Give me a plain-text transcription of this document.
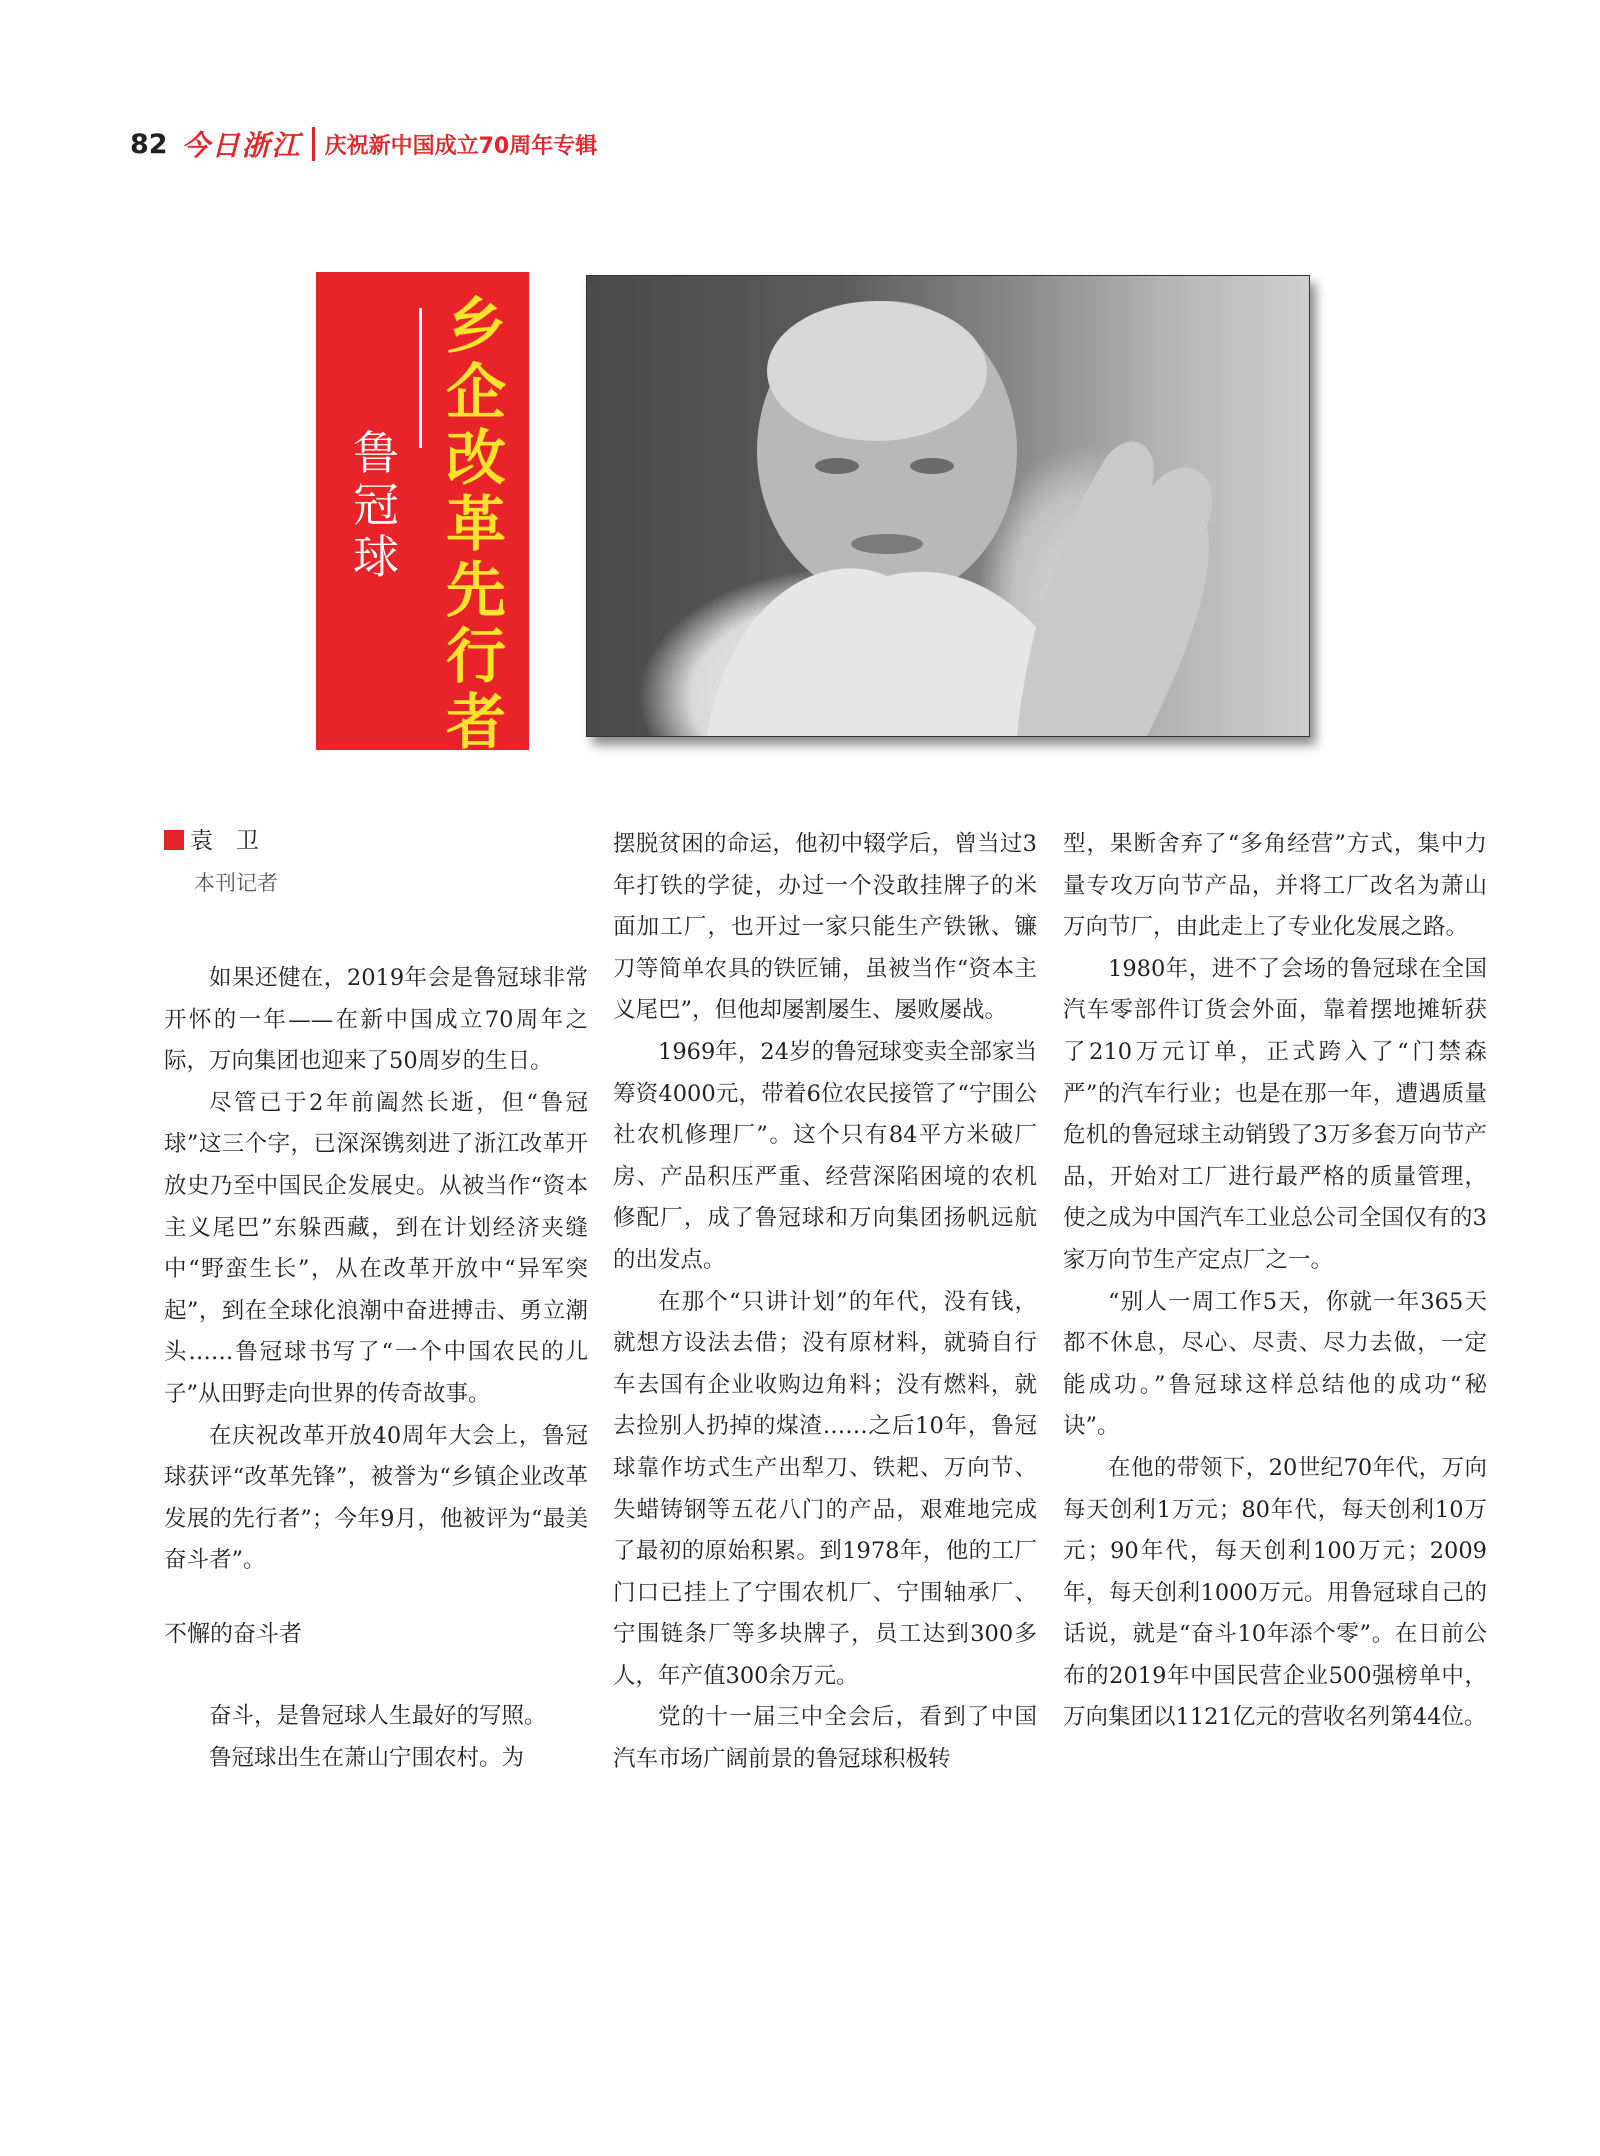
82 今日浙江 庆祝新中国成立70周年专辑
乡企改革先行者
鲁冠球
袁　卫
本刊记者

如果还健在，2019年会是鲁冠球非常开怀的一年——在新中国成立70周年之际，万向集团也迎来了50周岁的生日。

尽管已于2年前阖然长逝，但“鲁冠球”这三个字，已深深镌刻进了浙江改革开放史乃至中国民企发展史。从被当作“资本主义尾巴”东躲西藏，到在计划经济夹缝中“野蛮生长”，从在改革开放中“异军突起”，到在全球化浪潮中奋进搏击、勇立潮头……鲁冠球书写了“一个中国农民的儿子”从田野走向世界的传奇故事。

在庆祝改革开放40周年大会上，鲁冠球获评“改革先锋”，被誉为“乡镇企业改革发展的先行者”；今年9月，他被评为“最美奋斗者”。

不懈的奋斗者

奋斗，是鲁冠球人生最好的写照。

鲁冠球出生在萧山宁围农村。为

摆脱贫困的命运，他初中辍学后，曾当过3年打铁的学徒，办过一个没敢挂牌子的米面加工厂，也开过一家只能生产铁锹、镰刀等简单农具的铁匠铺，虽被当作“资本主义尾巴”，但他却屡割屡生、屡败屡战。

1969年，24岁的鲁冠球变卖全部家当筹资4000元，带着6位农民接管了“宁围公社农机修理厂”。这个只有84平方米破厂房、产品积压严重、经营深陷困境的农机修配厂，成了鲁冠球和万向集团扬帆远航的出发点。

在那个“只讲计划”的年代，没有钱，就想方设法去借；没有原材料，就骑自行车去国有企业收购边角料；没有燃料，就去捡别人扔掉的煤渣……之后10年，鲁冠球靠作坊式生产出犁刀、铁耙、万向节、失蜡铸钢等五花八门的产品，艰难地完成了最初的原始积累。到1978年，他的工厂门口已挂上了宁围农机厂、宁围轴承厂、宁围链条厂等多块牌子，员工达到300多人，年产值300余万元。

党的十一届三中全会后，看到了中国汽车市场广阔前景的鲁冠球积极转

型，果断舍弃了“多角经营”方式，集中力量专攻万向节产品，并将工厂改名为萧山万向节厂，由此走上了专业化发展之路。

1980年，进不了会场的鲁冠球在全国汽车零部件订货会外面，靠着摆地摊斩获了210万元订单，正式跨入了“门禁森严”的汽车行业；也是在那一年，遭遇质量危机的鲁冠球主动销毁了3万多套万向节产品，开始对工厂进行最严格的质量管理，使之成为中国汽车工业总公司全国仅有的3家万向节生产定点厂之一。

“别人一周工作5天，你就一年365天都不休息，尽心、尽责、尽力去做，一定能成功。”鲁冠球这样总结他的成功“秘诀”。

在他的带领下，20世纪70年代，万向每天创利1万元；80年代，每天创利10万元；90年代，每天创利100万元；2009年，每天创利1000万元。用鲁冠球自己的话说，就是“奋斗10年添个零”。在日前公布的2019年中国民营企业500强榜单中，万向集团以1121亿元的营收名列第44位。
